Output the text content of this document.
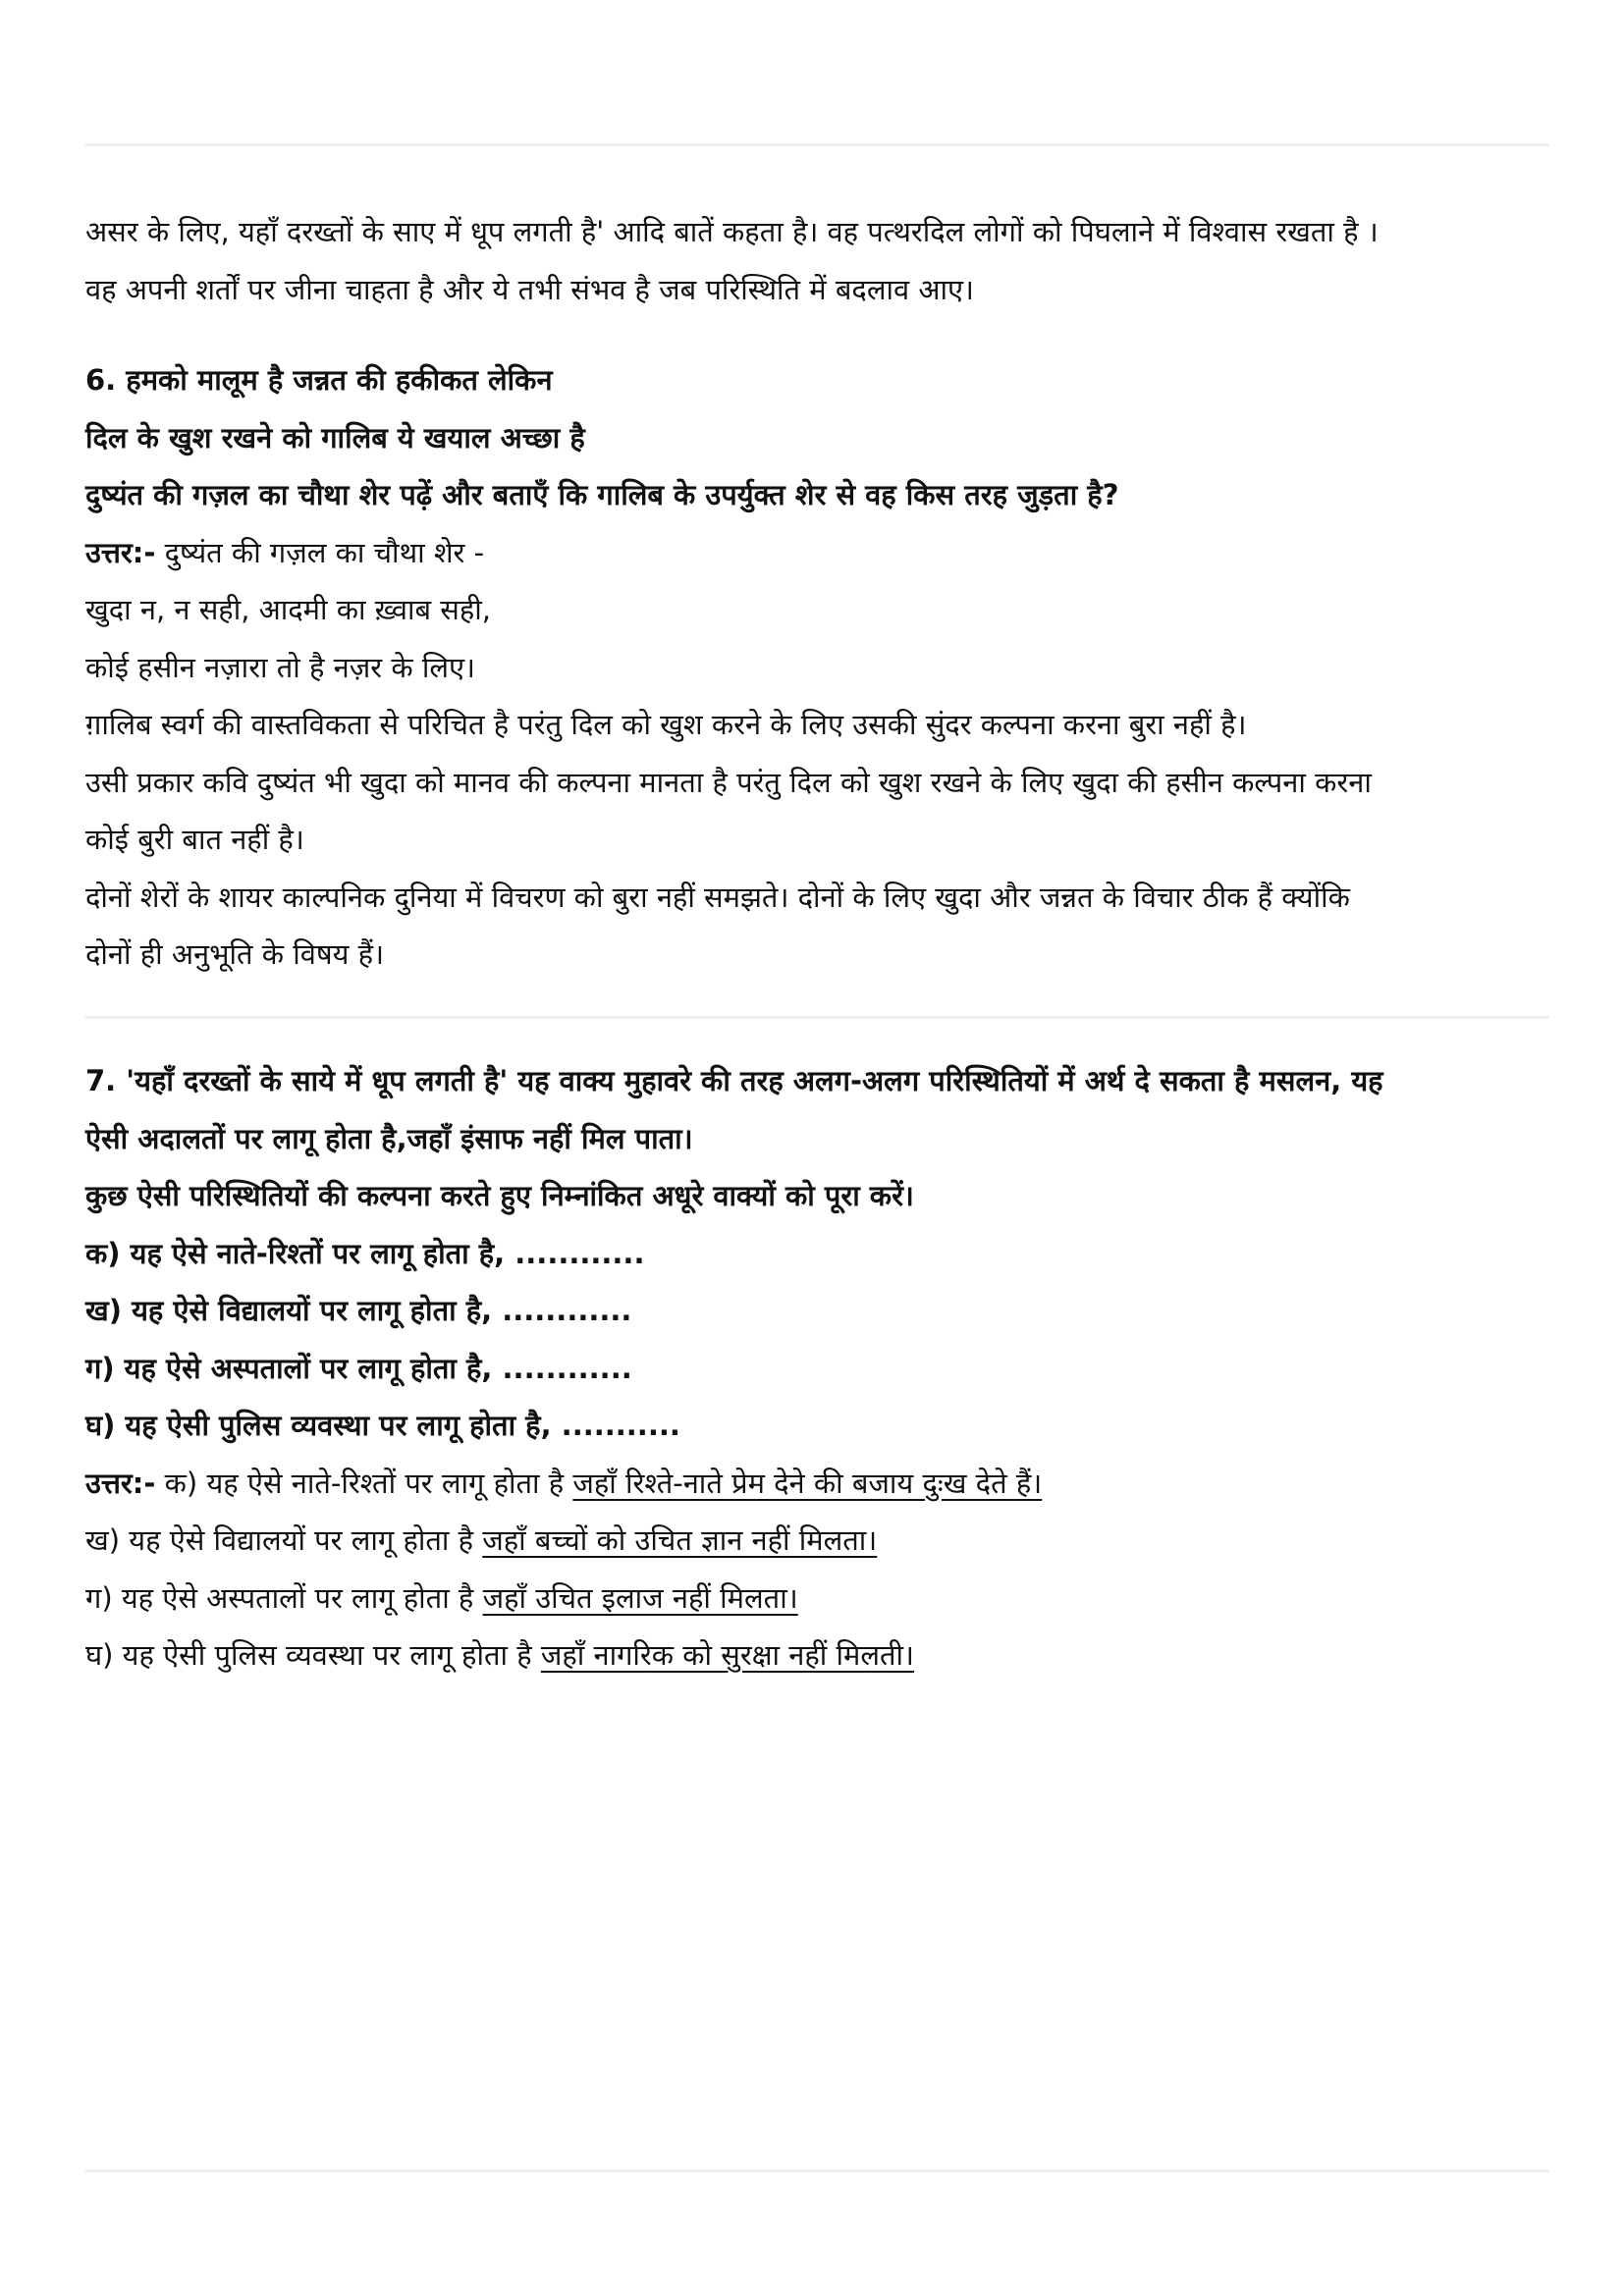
असर के लिए, यहाँ दरख्तों के साए में धूप लगती है' आदि बातें कहता है। वह पत्थरदिल लोगों को पिघलाने में विश्वास रखता है ।
वह अपनी शर्तों पर जीना चाहता है और ये तभी संभव है जब परिस्थिति में बदलाव आए।
6. हमको मालूम है जन्नत की हकीकत लेकिन
दिल के खुश रखने को गालिब ये खयाल अच्छा है
दुष्यंत की गज़ल का चौथा शेर पढ़ें और बताएँ कि गालिब के उपर्युक्त शेर से वह किस तरह जुड़ता है?
उत्तर:- दुष्यंत की गज़ल का चौथा शेर -
खुदा न, न सही, आदमी का ख़्वाब सही,
कोई हसीन नज़ारा तो है नज़र के लिए।
ग़ालिब स्वर्ग की वास्तविकता से परिचित है परंतु दिल को खुश करने के लिए उसकी सुंदर कल्पना करना बुरा नहीं है।
उसी प्रकार कवि दुष्यंत भी खुदा को मानव की कल्पना मानता है परंतु दिल को खुश रखने के लिए खुदा की हसीन कल्पना करना
कोई बुरी बात नहीं है।
दोनों शेरों के शायर काल्पनिक दुनिया में विचरण को बुरा नहीं समझते। दोनों के लिए खुदा और जन्नत के विचार ठीक हैं क्योंकि
दोनों ही अनुभूति के विषय हैं।
7. 'यहाँ दरख्तों के साये में धूप लगती है' यह वाक्य मुहावरे की तरह अलग-अलग परिस्थितियों में अर्थ दे सकता है मसलन, यह
ऐसी अदालतों पर लागू होता है,जहाँ इंसाफ नहीं मिल पाता।
कुछ ऐसी परिस्थितियों की कल्पना करते हुए निम्नांकित अधूरे वाक्यों को पूरा करें।
क) यह ऐसे नाते-रिश्तों पर लागू होता है, ............
ख) यह ऐसे विद्यालयों पर लागू होता है, ............
ग) यह ऐसे अस्पतालों पर लागू होता है, ............
घ) यह ऐसी पुलिस व्यवस्था पर लागू होता है, ...........
उत्तर:- क) यह ऐसे नाते-रिश्तों पर लागू होता है जहाँ रिश्ते-नाते प्रेम देने की बजाय दुःख देते हैं।
ख) यह ऐसे विद्यालयों पर लागू होता है जहाँ बच्चों को उचित ज्ञान नहीं मिलता।
ग) यह ऐसे अस्पतालों पर लागू होता है जहाँ उचित इलाज नहीं मिलता।
घ) यह ऐसी पुलिस व्यवस्था पर लागू होता है जहाँ नागरिक को सुरक्षा नहीं मिलती।
